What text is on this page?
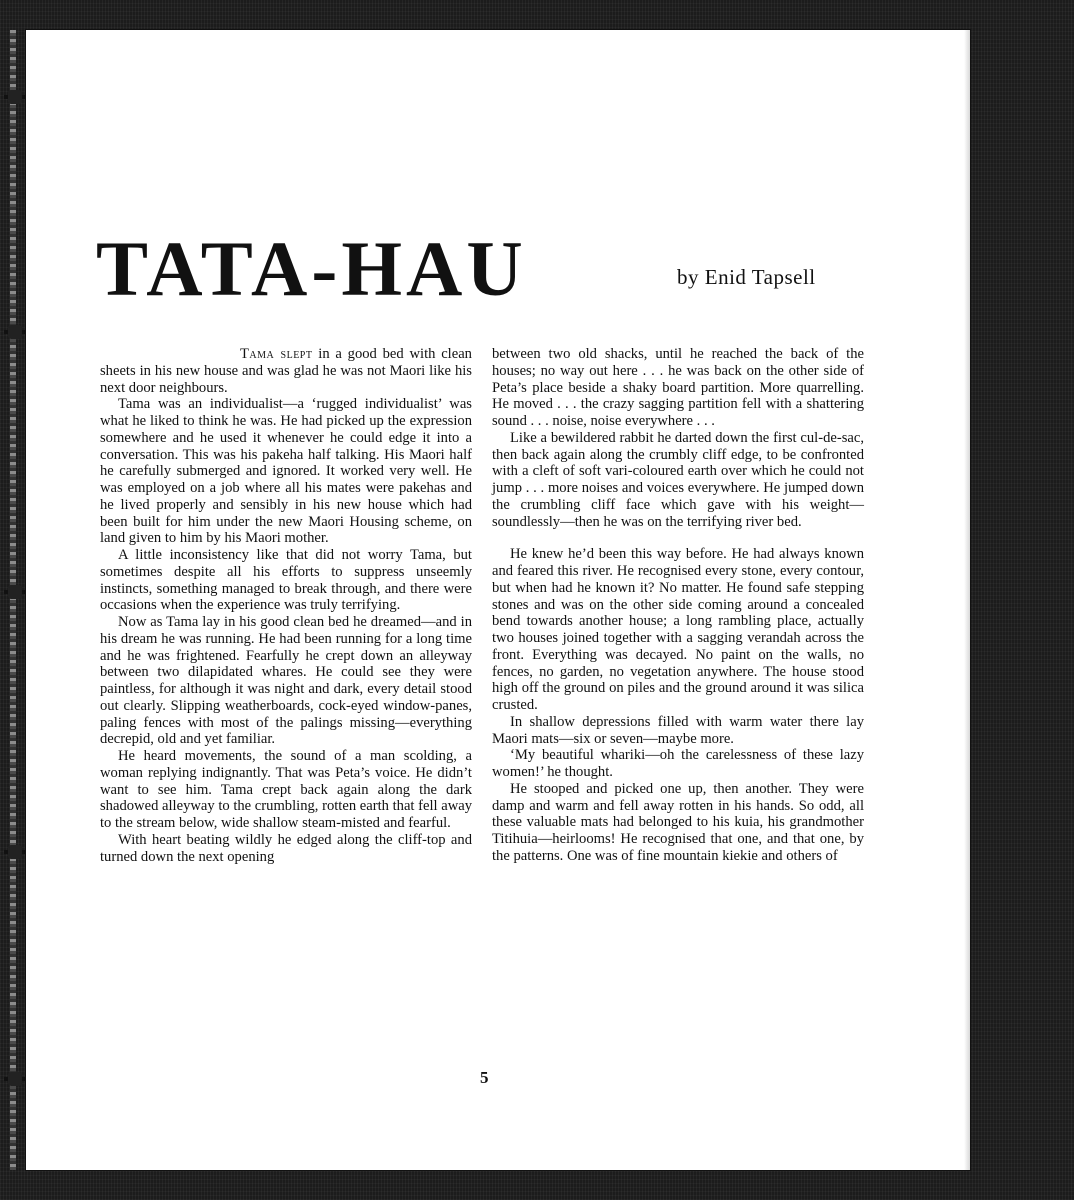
TATA-HAU	by Enid Tapsell

Tama slept in a good bed with clean sheets in his new house and was glad he was not Maori like his next door neighbours.

Tama was an individualist—a ‘rugged individualist’ was what he liked to think he was. He had picked up the expression somewhere and he used it whenever he could edge it into a conversation. This was his pakeha half talking. His Maori half he carefully submerged and ignored. It worked very well. He was employed on a job where all his mates were pakehas and he lived properly and sensibly in his new house which had been built for him under the new Maori Housing scheme, on land given to him by his Maori mother.

A little inconsistency like that did not worry Tama, but sometimes despite all his efforts to suppress unseemly instincts, something managed to break through, and there were occasions when the experience was truly terrifying.

Now as Tama lay in his good clean bed he dreamed—and in his dream he was running. He had been running for a long time and he was frightened. Fearfully he crept down an alleyway between two dilapidated whares. He could see they were paintless, for although it was night and dark, every detail stood out clearly. Slipping weatherboards, cock-eyed window-panes, paling fences with most of the palings missing—everything decrepid, old and yet familiar.

He heard movements, the sound of a man scolding, a woman replying indignantly. That was Peta’s voice. He didn’t want to see him. Tama crept back again along the dark shadowed alleyway to the crumbling, rotten earth that fell away to the stream below, wide shallow steam-misted and fearful.

With heart beating wildly he edged along the cliff-top and turned down the next opening

between two old shacks, until he reached the back of the houses; no way out here . . . he was back on the other side of Peta’s place beside a shaky board partition. More quarrelling. He moved . . . the crazy sagging partition fell with a shattering sound . . . noise, noise everywhere . . .

Like a bewildered rabbit he darted down the first cul-de-sac, then back again along the crumbly cliff edge, to be confronted with a cleft of soft vari-coloured earth over which he could not jump . . . more noises and voices everywhere. He jumped down the crumbling cliff face which gave with his weight—soundlessly—then he was on the terrifying river bed.

He knew he’d been this way before. He had always known and feared this river. He recognised every stone, every contour, but when had he known it? No matter. He found safe stepping stones and was on the other side coming around a concealed bend towards another house; a long rambling place, actually two houses joined together with a sagging verandah across the front. Everything was decayed. No paint on the walls, no fences, no garden, no vegetation anywhere. The house stood high off the ground on piles and the ground around it was silica crusted.

In shallow depressions filled with warm water there lay Maori mats—six or seven—maybe more.

‘My beautiful whariki—oh the carelessness of these lazy women!’ he thought.

He stooped and picked one up, then another. They were damp and warm and fell away rotten in his hands. So odd, all these valuable mats had belonged to his kuia, his grandmother Titihuia—heirlooms! He recognised that one, and that one, by the patterns. One was of fine mountain kiekie and others of

5
